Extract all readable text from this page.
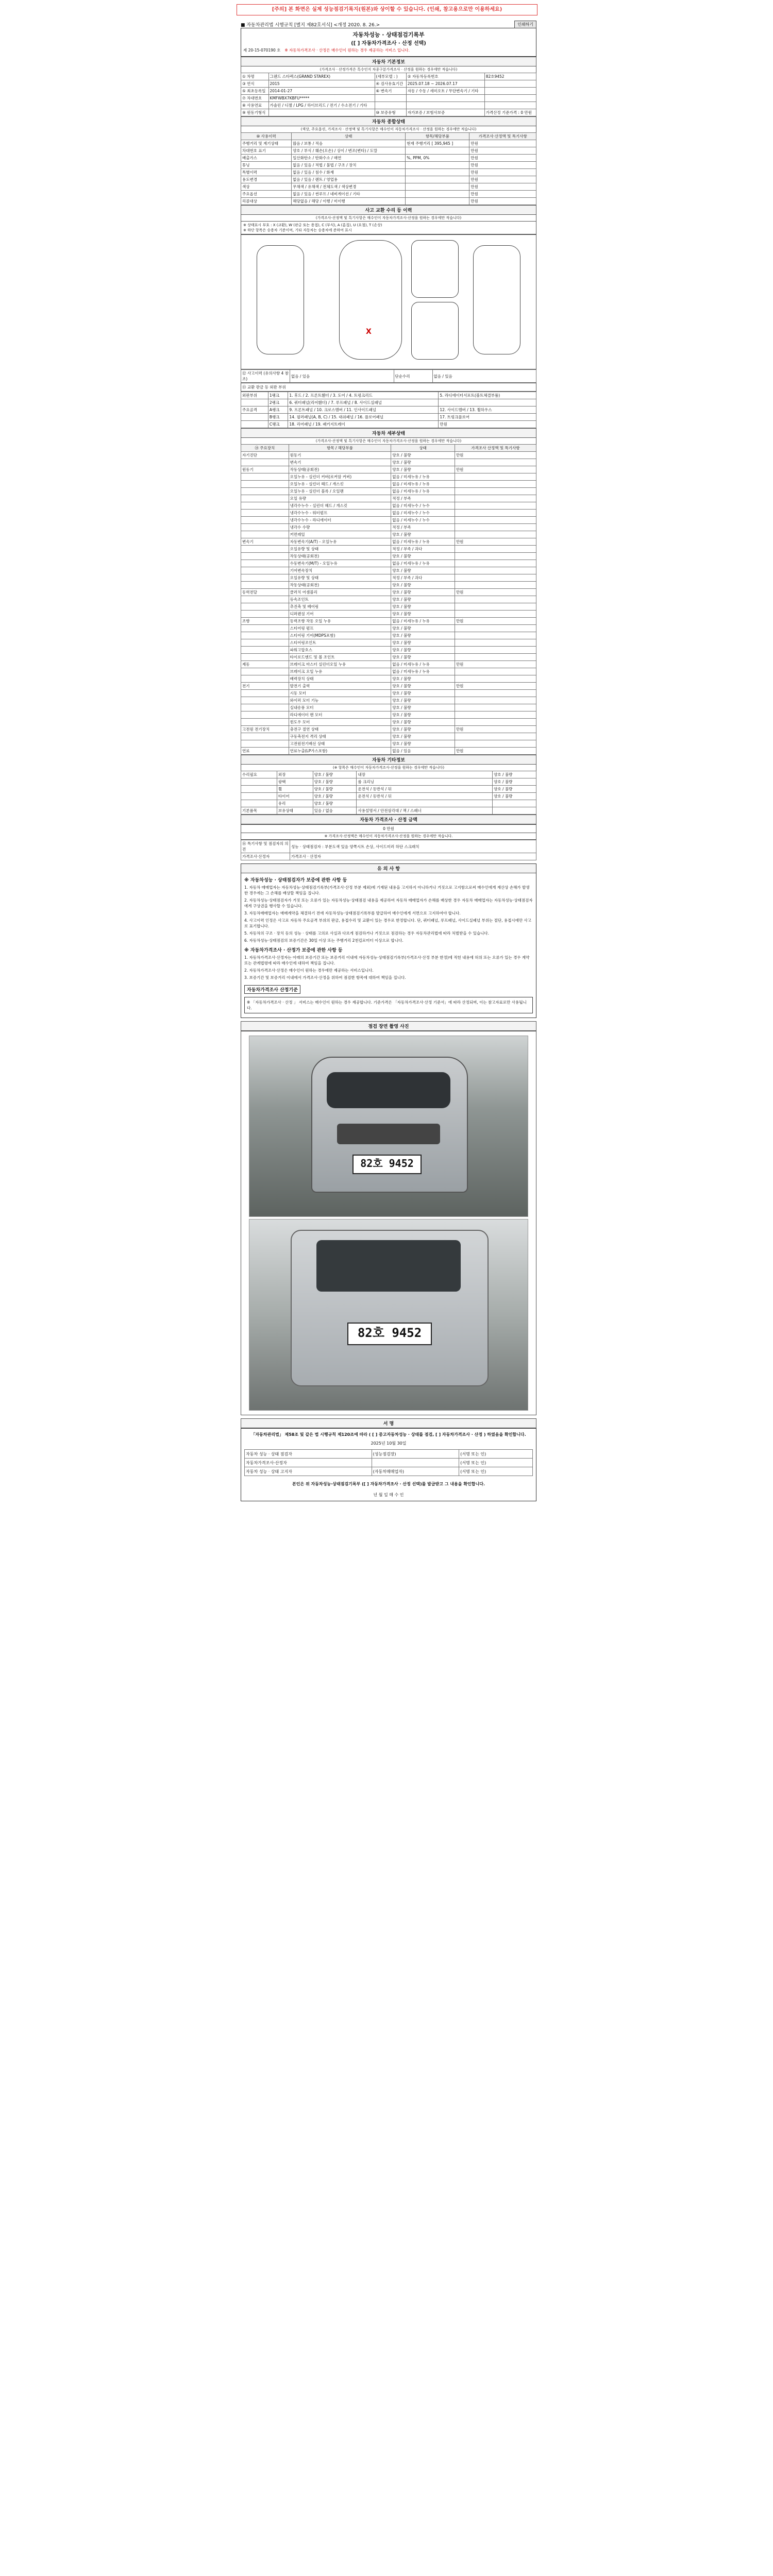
[주의] 본 화면은 실제 성능점검기록지(원본)와 상이할 수 있습니다. (인쇄, 참고용으로만 이용하세요)
■ 자동차관리법 시행규칙 [별지 제82호서식] <개정 2020. 8. 26.>	인쇄하기
자동차성능 · 상태점검기록부
([ ] 자동차가격조사 · 산정 선택)
제 20-15-070190 호 ※ 자동차가격조사 · 산정은 매수인이 원하는 경우 제공하는 서비스 입니다.
자동차 기본정보
(가격조사 · 산정가격은 특수인지 차종구분가격조사 · 산정을 원하는 경우에만 적습니다)
① 차명	그랜드 스타렉스(GRAND STAREX)	(세부모델 : )	② 자동차등록번호	82호9452
③ 연식	2015	④ 검사유효기간	2025.07.18 ~ 2026.07.17	
⑤ 최초등록일	2014-01-27	⑥ 변속기	자동 / 수동 / 세미오토 / 무단변속기 / 기타	
⑦ 차대번호	KMFWBX7KBFU*****			
⑧ 사용연료	가솔린 / 디젤 / LPG / 하이브리드 / 전기 / 수소전기 / 기타			
⑨ 원동기형식		⑩ 보증유형	자가보증 / 보험사보증	가격산정 기준가격 : 0 만원
자동차 종합상태
(색상, 주요옵션, 가격조사 · 산정액 및 특기사항은 매수인이 자동차가격조사 · 산정을 원하는 경우에만 적습니다)
⑩ 사용이력	상태	항목/해당부품	가격조사·산정액 및 특기사항
주행거리 및 계기상태	많음 / 보통 / 적음	현재 주행거리 [ 395,945 ]	만원
차대번호 표기	양호 / 부식 / 훼손(오손) / 상이 / 변조(변타) / 도말		만원
배출가스	일산화탄소 / 탄화수소 / 매연	%, PPM, 0%	만원
튜닝	없음 / 있음 / 적법 / 불법 / 구조 / 장치		만원
특별이력	없음 / 있음 / 침수 / 화재		만원
용도변경	없음 / 있음 / 렌트 / 영업용		만원
색상	무채색 / 유채색 / 전체도색 / 색상변경		만원
주요옵션	없음 / 있음 / 썬루프 / 네비게이션 / 기타		만원
리콜대상	해당없음 / 해당 / 이행 / 미이행		만원
사고 교환 수리 등 이력
(가격조사·산정액 및 특기사항은 매수인이 자동차가격조사·산정을 원하는 경우에만 적습니다)
※ 상태표시 부호 : X (교환), W (판금 또는 용접), C (부식), A (흠집), U (요철), T (손상)
※ 하단 항목은 승용차 기준이며, 기타 자동차는 승용차에 준하여 표시
X
⑫ 사고이력 (유의사항 4 참조)	없음 / 있음	단순수리	없음 / 있음
⑬ 교환 판금 등 외판 부위
외판부위	1랭크	1. 후드 / 2. 프론트휀더 / 3. 도어 / 4. 트렁크리드	5. 라디에이터서포트(볼트체결부품)
	2랭크	6. 쿼터패널(리어휀더) / 7. 루프패널 / 8. 사이드실패널	
주요골격	A랭크	9. 프론트패널 / 10. 크로스멤버 / 11. 인사이드패널	12. 사이드멤버 / 13. 휠하우스
	B랭크	14. 필러패널(A, B, C) / 15. 대쉬패널 / 16. 플로어패널	17. 트렁크플로어
	C랭크	18. 리어패널 / 19. 패키지트레이	만원
자동차 세부상태
(가격조사·산정액 및 특기사항은 매수인이 자동차가격조사·산정을 원하는 경우에만 적습니다)
⑭ 주요장치	항목 / 해당부품	상태	가격조사 산정액 및 특기사항
자기진단	원동기	양호 / 불량	만원
	변속기	양호 / 불량	
원동기	작동상태(공회전)	양호 / 불량	만원
	오일누유 - 실린더 커버(로커암 커버)	없음 / 미세누유 / 누유	
	오일누유 - 실린더 헤드 / 개스킷	없음 / 미세누유 / 누유	
	오일누유 - 실린더 블록 / 오일팬	없음 / 미세누유 / 누유	
	오일 유량	적정 / 부족	
	냉각수누수 - 실린더 헤드 / 개스킷	없음 / 미세누수 / 누수	
	냉각수누수 - 워터펌프	없음 / 미세누수 / 누수	
	냉각수누수 - 라디에이터	없음 / 미세누수 / 누수	
	냉각수 수량	적정 / 부족	
	커먼레일	양호 / 불량	
변속기	자동변속기(A/T) - 오일누유	없음 / 미세누유 / 누유	만원
	오일유량 및 상태	적정 / 부족 / 과다	
	작동상태(공회전)	양호 / 불량	
	수동변속기(M/T) - 오일누유	없음 / 미세누유 / 누유	
	기어변속장치	양호 / 불량	
	오일유량 및 상태	적정 / 부족 / 과다	
	작동상태(공회전)	양호 / 불량	
동력전달	클러치 어셈블리	양호 / 불량	만원
	등속조인트	양호 / 불량	
	추진축 및 베어링	양호 / 불량	
	디퍼렌셜 기어	양호 / 불량	
조향	동력조향 작동 오일 누유	없음 / 미세누유 / 누유	만원
	스티어링 펌프	양호 / 불량	
	스티어링 기어(MDPS포함)	양호 / 불량	
	스티어링조인트	양호 / 불량	
	파워고압호스	양호 / 불량	
	타이로드엔드 및 볼 조인트	양호 / 불량	
제동	브레이크 마스터 실린더오일 누유	없음 / 미세누유 / 누유	만원
	브레이크 오일 누유	없음 / 미세누유 / 누유	
	배력장치 상태	양호 / 불량	
전기	발전기 출력	양호 / 불량	만원
	시동 모터	양호 / 불량	
	와이퍼 모터 기능	양호 / 불량	
	실내송풍 모터	양호 / 불량	
	라디에이터 팬 모터	양호 / 불량	
	윈도우 모터	양호 / 불량	
고전원 전기장치	충전구 절연 상태	양호 / 불량	만원
	구동축전지 격리 상태	양호 / 불량	
	고전원전기배선 상태	양호 / 불량	
연료	연료누출(LP가스포함)	없음 / 있음	만원
자동차 기타정보
(※ 항목은 매수인이 자동차가격조사·산정을 원하는 경우에만 적습니다)
수리필요	외장	양호 / 불량	내장	양호 / 불량
	광택	양호 / 불량	룸 크리닝	양호 / 불량
	휠	양호 / 불량	운전석 / 동반석 / 뒤	양호 / 불량
	타이어	양호 / 불량	운전석 / 동반석 / 뒤	양호 / 불량
	유리	양호 / 불량		
기본품목	보유상태	있음 / 없음	사용설명서 / 안전삼각대 / 잭 / 스패너	
자동차 가격조사 · 산정 금액
0 만원
※ 가격조사·산정액은 매수인이 자동차가격조사·산정을 원하는 경우에만 적습니다.
⑯ 특기사항 및 점검자의 의견	성능 · 상태점검자 : 부분도색 있음 양쪽시트 손상, 사이드미러 하단 스크래치
가격조사·산정자	가격조사 · 산정자
유 의 사 항
※ 자동차성능 · 상태점검자가 보증에 관한 사항 등

1. 자동차 매매업자는 자동차성능·상태점검기록부(가격조사·산정 부분 제외)에 기재된 내용을 고지하지 아니하거나 거짓으로 고지함으로써 매수인에게 재산상 손해가 발생한 경우에는 그 손해를 배상할 책임을 집니다.

2. 자동차성능·상태점검자가 거짓 또는 오류가 있는 자동차성능·상태점검 내용을 제공하여 자동차 매매업자가 손해를 배상한 경우 자동차 매매업자는 자동차성능·상태점검자에게 구상권을 행사할 수 있습니다.

3. 자동차매매업자는 매매계약을 체결하기 전에 자동차성능·상태점검기록부를 발급하여 매수인에게 서면으로 고지하여야 합니다.

4. 사고이력 인정은 사고로 자동차 주요골격 부위의 판금, 용접수리 및 교환이 있는 경우로 한정합니다. 단, 쿼터패널, 루프패널, 사이드실패널 부위는 절단, 용접시에만 사고로 표기합니다.

5. 자동차의 구조 · 장치 등의 성능 · 상태를 고의로 사실과 다르게 점검하거나 거짓으로 점검하는 경우 자동차관리법에 따라 처벌받을 수 있습니다.

6. 자동차성능·상태점검의 보증기간은 30일 이상 또는 주행거리 2천킬로미터 이상으로 합니다.

※ 자동차가격조사 · 산정가 보증에 관한 사항 등

1. 자동차가격조사·산정자는 아래의 보증기간 또는 보증거리 이내에 자동차성능·상태점검기록부(가격조사·산정 부분 한정)에 적힌 내용에 허위 또는 오류가 있는 경우 계약 또는 관계법령에 따라 매수인에 대하여 책임을 집니다.

2. 자동차가격조사·산정은 매수인이 원하는 경우에만 제공하는 서비스입니다.

3. 보증기간 및 보증거리 이내에서 가격조사·산정을 위하여 점검한 항목에 대하여 책임을 집니다.

자동차가격조사 산정기준

※ 「자동차가격조사 · 산정 」 서비스는 매수인이 원하는 경우 제공합니다. 기준가격은 「자동차가격조사·산정 기준서」에 따라 산정되며, 이는 참고자료로만 사용됩니다.

점검 장면 촬영 사진
82호 9452
82호 9452
서 명
「자동차관리법」 제58조 및 같은 법 시행규칙 제120조에 따라 ( [ ] 중고자동차성능 · 상태를 점검, [ ] 자동차가격조사 · 산정 ) 하였음을 확인합니다.
2025년 10월 30일
자동차 성능 · 상태 점검자	(성능점검장)	(서명 또는 인)
자동차가격조사·산정자		(서명 또는 인)
자동차 성능 · 상태 고지자	(자동차매매업자)	(서명 또는 인)
본인은 위 자동차성능·상태점검기록부 ([ ] 자동차가격조사 · 산정 선택)를 발급받고 그 내용을 확인합니다.
년 월 일 매 수 인
